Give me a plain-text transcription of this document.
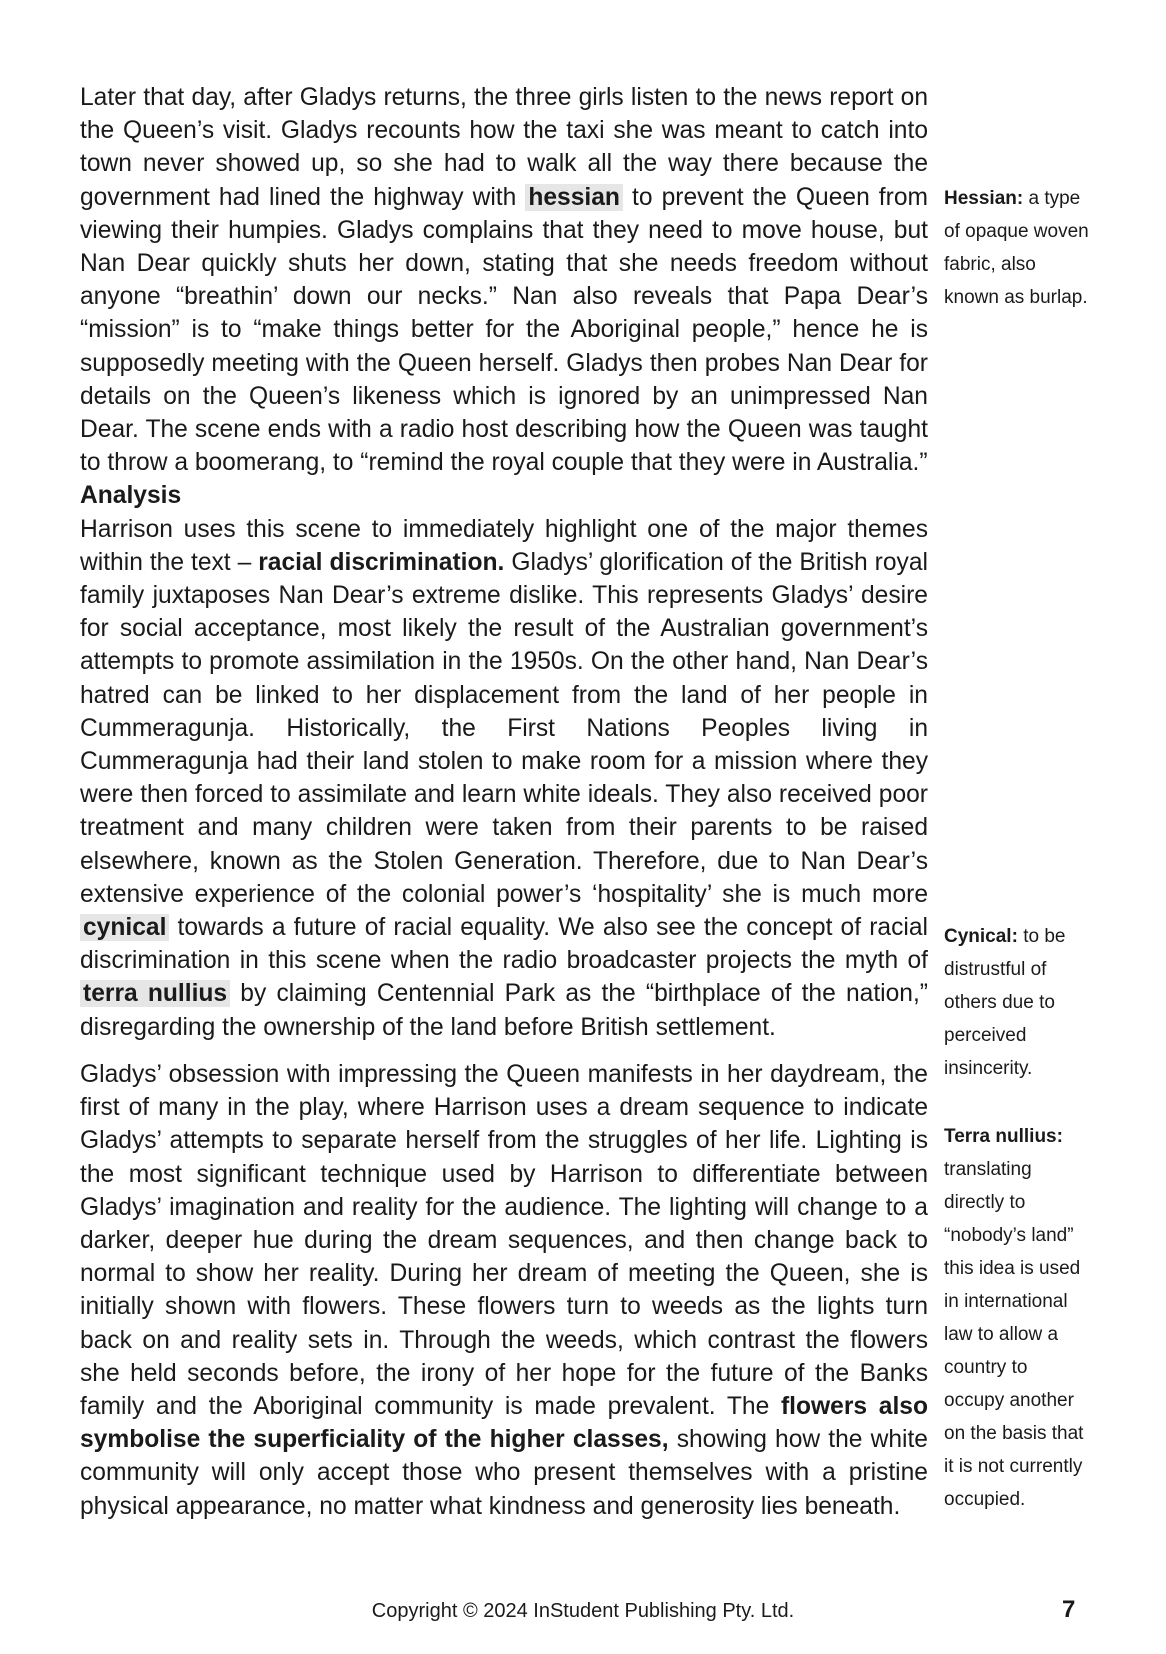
Later that day, after Gladys returns, the three girls listen to the news report on the Queen’s visit. Gladys recounts how the taxi she was meant to catch into town never showed up, so she had to walk all the way there because the government had lined the highway with hessian to prevent the Queen from viewing their humpies. Gladys complains that they need to move house, but Nan Dear quickly shuts her down, stating that she needs freedom without anyone “breathin’ down our necks.” Nan also reveals that Papa Dear’s “mission” is to “make things better for the Aboriginal people,” hence he is supposedly meeting with the Queen herself. Gladys then probes Nan Dear for details on the Queen’s likeness which is ignored by an unimpressed Nan Dear. The scene ends with a radio host describing how the Queen was taught to throw a boomerang, to “remind the royal couple that they were in Australia.”

Analysis

Harrison uses this scene to immediately highlight one of the major themes within the text – racial discrimination. Gladys’ glorification of the British royal family juxtaposes Nan Dear’s extreme dislike. This represents Gladys’ desire for social acceptance, most likely the result of the Australian government’s attempts to promote assimilation in the 1950s. On the other hand, Nan Dear’s hatred can be linked to her displacement from the land of her people in Cummeragunja. Historically, the First Nations Peoples living in Cummeragunja had their land stolen to make room for a mission where they were then forced to assimilate and learn white ideals. They also received poor treatment and many children were taken from their parents to be raised elsewhere, known as the Stolen Generation. Therefore, due to Nan Dear’s extensive experience of the colonial power’s ‘hospitality’ she is much more cynical towards a future of racial equality. We also see the concept of racial discrimination in this scene when the radio broadcaster projects the myth of terra nullius by claiming Centennial Park as the “birthplace of the nation,” disregarding the ownership of the land before British settlement.

Gladys’ obsession with impressing the Queen manifests in her daydream, the first of many in the play, where Harrison uses a dream sequence to indicate Gladys’ attempts to separate herself from the struggles of her life. Lighting is the most significant technique used by Harrison to differentiate between Gladys’ imagination and reality for the audience. The lighting will change to a darker, deeper hue during the dream sequences, and then change back to normal to show her reality. During her dream of meeting the Queen, she is initially shown with flowers. These flowers turn to weeds as the lights turn back on and reality sets in. Through the weeds, which contrast the flowers she held seconds before, the irony of her hope for the future of the Banks family and the Aboriginal community is made prevalent. The flowers also symbolise the superficiality of the higher classes, showing how the white community will only accept those who present themselves with a pristine physical appearance, no matter what kindness and generosity lies beneath.

Hessian: a type of opaque woven fabric, also known as burlap.
Cynical: to be distrustful of others due to perceived insincerity.
Terra nullius: translating directly to “nobody’s land” this idea is used in international law to allow a country to occupy another on the basis that it is not currently occupied.
Copyright © 2024 InStudent Publishing Pty. Ltd.	7
